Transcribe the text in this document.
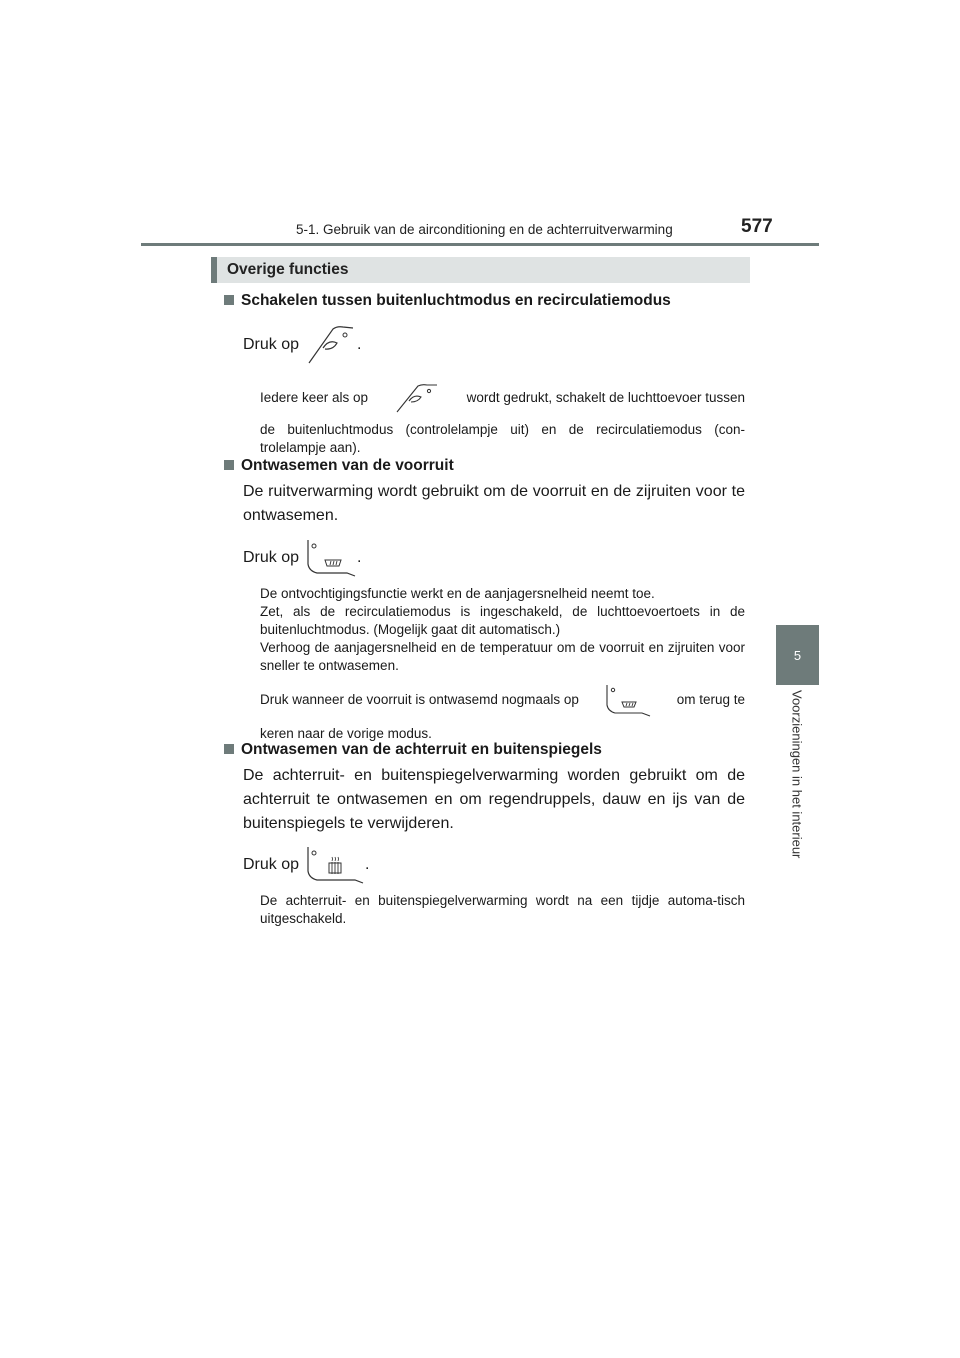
5-1. Gebruik van de airconditioning en de achterruitverwarming	577
5
Voorzieningen in het interieur
Overige functies
Schakelen tussen buitenluchtmodus en recirculatiemodus
Druk op	.
Iedere keer als op	wordt gedrukt, schakelt de luchttoevoer tussen

de buitenluchtmodus (controlelampje uit) en de recirculatiemodus (con-trolelampje aan).

Ontwasemen van de voorruit
De ruitverwarming wordt gebruikt om de voorruit en de zijruiten voor te ontwasemen.
Druk op	.

De ontvochtigingsfunctie werkt en de aanjagersnelheid neemt toe.

Zet, als de recirculatiemodus is ingeschakeld, de luchttoevoertoets in de buitenluchtmodus. (Mogelijk gaat dit automatisch.)

Verhoog de aanjagersnelheid en de temperatuur om de voorruit en zijruiten voor sneller te ontwasemen.

Druk wanneer de voorruit is ontwasemd nogmaals op	om terug te

keren naar de vorige modus.

Ontwasemen van de achterruit en buitenspiegels
De achterruit- en buitenspiegelverwarming worden gebruikt om de achterruit te ontwasemen en om regendruppels, dauw en ijs van de buitenspiegels te verwijderen.
Druk op	.
De achterruit- en buitenspiegelverwarming wordt na een tijdje automa-tisch uitgeschakeld.
